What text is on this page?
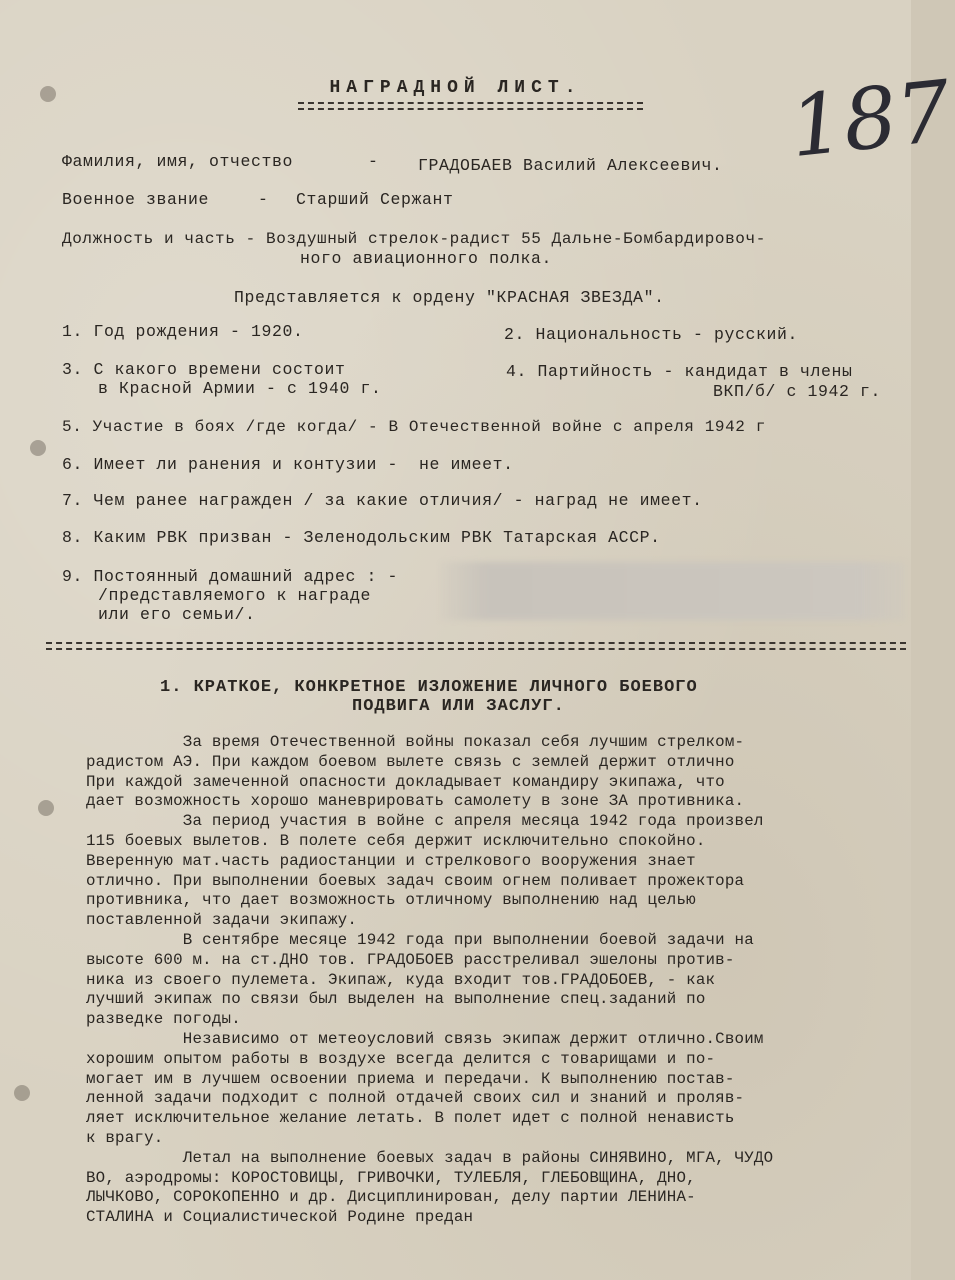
НАГРАДНОЙ ЛИСТ.	187
Фамилия, имя, отчество	- ГРАДОБАЕВ Василий Алексеевич.
Военное звание	- Старший Сержант
Должность и часть - Воздушный стрелок-радист 55 Дальне-Бомбардировоч-
ного авиационного полка.
Представляется к ордену "КРАСНАЯ ЗВЕЗДА".
1. Год рождения - 1920.	2. Национальность - русский.
3. С какого времени состоит
в Красной Армии - с 1940 г.
4. Партийность - кандидат в члены
ВКП/б/ с 1942 г.
5. Участие в боях /где когда/ - В Отечественной войне с апреля 1942 г
6. Имеет ли ранения и контузии -  не имеет.
7. Чем ранее награжден / за какие отличия/ - наград не имеет.
8. Каким РВК призван - Зеленодольским РВК Татарская АССР.
9. Постоянный домашний адрес : -
/представляемого к награде
или его семьи/.
1. КРАТКОЕ, КОНКРЕТНОЕ ИЗЛОЖЕНИЕ ЛИЧНОГО БОЕВОГО
ПОДВИГА ИЛИ ЗАСЛУГ.
За время Отечественной войны показал себя лучшим стрелком-
радистом АЭ. При каждом боевом вылете связь с землей держит отлично
При каждой замеченной опасности докладывает командиру экипажа, что
дает возможность хорошо маневрировать самолету в зоне ЗА противника.
За период участия в войне с апреля месяца 1942 года произвел
115 боевых вылетов. В полете себя держит исключительно спокойно.
Вверенную мат.часть радиостанции и стрелкового вооружения знает
отлично. При выполнении боевых задач своим огнем поливает прожектора
противника, что дает возможность отличному выполнению над целью
поставленной задачи экипажу.
В сентябре месяце 1942 года при выполнении боевой задачи на
высоте 600 м. на ст.ДНО тов. ГРАДОБОЕВ расстреливал эшелоны против-
ника из своего пулемета. Экипаж, куда входит тов.ГРАДОБОЕВ, - как
лучший экипаж по связи был выделен на выполнение спец.заданий по
разведке погоды.
Независимо от метеоусловий связь экипаж держит отлично.Своим
хорошим опытом работы в воздухе всегда делится с товарищами и по-
могает им в лучшем освоении приема и передачи. К выполнению постав-
ленной задачи подходит с полной отдачей своих сил и знаний и проляв-
ляет исключительное желание летать. В полет идет с полной ненависть
к врагу.
Летал на выполнение боевых задач в районы СИНЯВИНО, МГА, ЧУДО
ВО, аэродромы: КОРОСТОВИЦЫ, ГРИВОЧКИ, ТУЛЕБЛЯ, ГЛЕБОВЩИНА, ДНО,
ЛЫЧКОВО, СОРОКОПЕННО и др. Дисциплинирован, делу партии ЛЕНИНА-
СТАЛИНА и Социалистической Родине предан
